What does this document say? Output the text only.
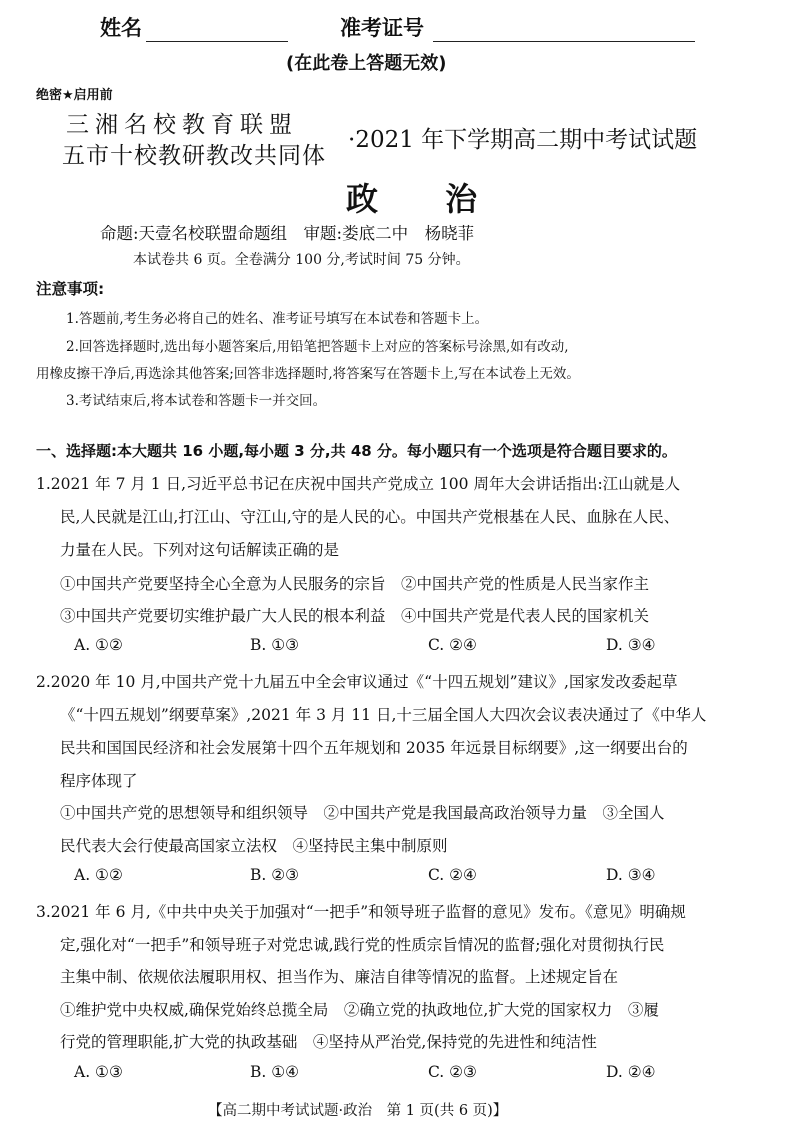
姓名	准考证号
(在此卷上答题无效)
绝密★启用前
三湘名校教育联盟
五市十校教研教改共同体
·2021 年下学期高二期中考试试题
政 治
命题:天壹名校联盟命题组　审题:娄底二中　杨晓菲
本试卷共 6 页。全卷满分 100 分,考试时间 75 分钟。
注意事项:
1.答题前,考生务必将自己的姓名、准考证号填写在本试卷和答题卡上。
2.回答选择题时,选出每小题答案后,用铅笔把答题卡上对应的答案标号涂黑,如有改动,
用橡皮擦干净后,再选涂其他答案;回答非选择题时,将答案写在答题卡上,写在本试卷上无效。
3.考试结束后,将本试卷和答题卡一并交回。
一、选择题:本大题共 16 小题,每小题 3 分,共 48 分。每小题只有一个选项是符合题目要求的。
1.2021 年 7 月 1 日,习近平总书记在庆祝中国共产党成立 100 周年大会讲话指出:江山就是人
民,人民就是江山,打江山、守江山,守的是人民的心。中国共产党根基在人民、血脉在人民、
力量在人民。下列对这句话解读正确的是
①中国共产党要坚持全心全意为人民服务的宗旨　②中国共产党的性质是人民当家作主
③中国共产党要切实维护最广大人民的根本利益　④中国共产党是代表人民的国家机关
A. ①②	B. ①③	C. ②④	D. ③④
2.2020 年 10 月,中国共产党十九届五中全会审议通过《“十四五规划”建议》,国家发改委起草
《“十四五规划”纲要草案》,2021 年 3 月 11 日,十三届全国人大四次会议表决通过了《中华人
民共和国国民经济和社会发展第十四个五年规划和 2035 年远景目标纲要》,这一纲要出台的
程序体现了
①中国共产党的思想领导和组织领导　②中国共产党是我国最高政治领导力量　③全国人
民代表大会行使最高国家立法权　④坚持民主集中制原则
A. ①②	B. ②③	C. ②④	D. ③④
3.2021 年 6 月,《中共中央关于加强对“一把手”和领导班子监督的意见》发布。《意见》明确规
定,强化对“一把手”和领导班子对党忠诚,践行党的性质宗旨情况的监督;强化对贯彻执行民
主集中制、依规依法履职用权、担当作为、廉洁自律等情况的监督。上述规定旨在
①维护党中央权威,确保党始终总揽全局　②确立党的执政地位,扩大党的国家权力　③履
行党的管理职能,扩大党的执政基础　④坚持从严治党,保持党的先进性和纯洁性
A. ①③	B. ①④	C. ②③	D. ②④
【高二期中考试试题·政治　第 1 页(共 6 页)】
